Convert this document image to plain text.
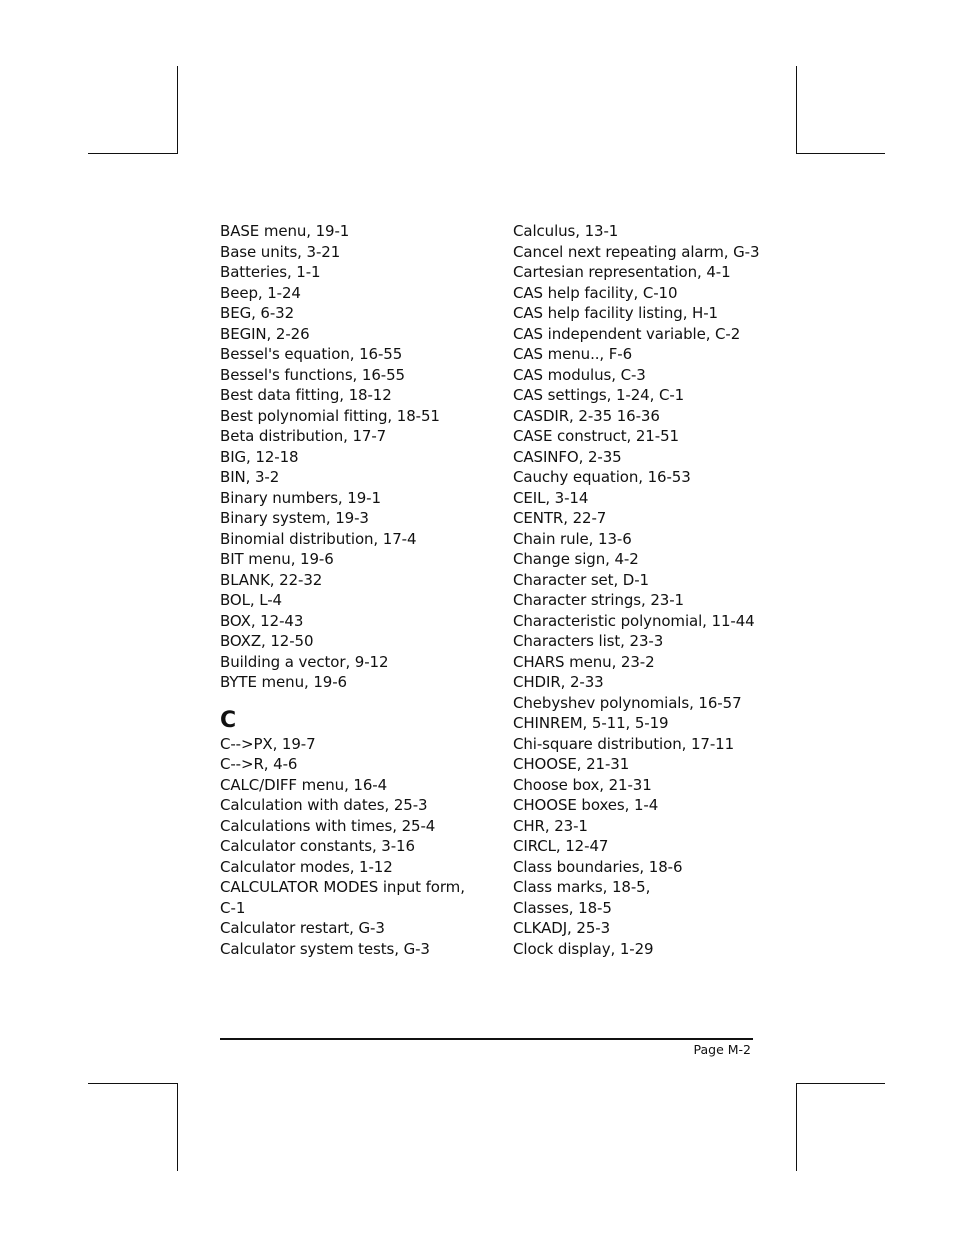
BASE menu, 19-1
Base units, 3-21
Batteries, 1-1
Beep, 1-24
BEG, 6-32
BEGIN, 2-26
Bessel's equation, 16-55
Bessel's functions, 16-55
Best data fitting, 18-12
Best polynomial fitting, 18-51
Beta distribution, 17-7
BIG, 12-18
BIN, 3-2
Binary numbers, 19-1
Binary system, 19-3
Binomial distribution, 17-4
BIT menu, 19-6
BLANK, 22-32
BOL, L-4
BOX, 12-43
BOXZ, 12-50
Building a vector, 9-12
BYTE menu, 19-6
C
C-->PX, 19-7
C-->R, 4-6
CALC/DIFF menu, 16-4
Calculation with dates, 25-3
Calculations with times, 25-4
Calculator constants, 3-16
Calculator modes, 1-12
CALCULATOR MODES input form,
C-1
Calculator restart, G-3
Calculator system tests, G-3
Calculus, 13-1
Cancel next repeating alarm, G-3
Cartesian representation, 4-1
CAS help facility, C-10
CAS help facility listing, H-1
CAS independent variable, C-2
CAS menu.., F-6
CAS modulus, C-3
CAS settings, 1-24, C-1
CASDIR, 2-35 16-36
CASE construct, 21-51
CASINFO, 2-35
Cauchy equation, 16-53
CEIL, 3-14
CENTR, 22-7
Chain rule, 13-6
Change sign, 4-2
Character set, D-1
Character strings, 23-1
Characteristic polynomial, 11-44
Characters list, 23-3
CHARS menu, 23-2
CHDIR, 2-33
Chebyshev polynomials, 16-57
CHINREM, 5-11, 5-19
Chi-square distribution, 17-11
CHOOSE, 21-31
Choose box, 21-31
CHOOSE boxes, 1-4
CHR, 23-1
CIRCL, 12-47
Class boundaries, 18-6
Class marks, 18-5,
Classes, 18-5
CLKADJ, 25-3
Clock display, 1-29
Page M-2
